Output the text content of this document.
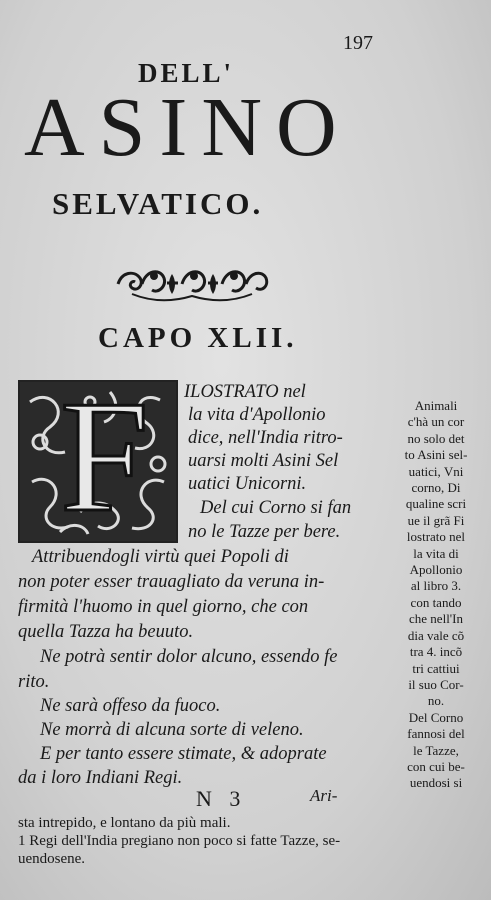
197
DELL'
ASINO
SELVATICO.
CAPO XLII.
F ILOSTRATO nel
la vita d'Apollonio
dice, nell'India ritro-
uarsi molti Asini Sel
uatici Unicorni.
Del cui Corno si fan
no le Tazze per bere.
Attribuendogli virtù quei Popoli di
non poter esser trauagliato da veruna in-
firmità l'huomo in quel giorno, che con
quella Tazza ha beuuto.
Ne potrà sentir dolor alcuno, essendo fe
rito.
Ne sarà offeso da fuoco.
Ne morrà di alcuna sorte di veleno.
E per tanto essere stimate, & adoprate
da i loro Indiani Regi.
Animali
c'hà un cor
no solo det
to Asini sel-
uatici, Vni
corno, Di
qualine scri
ue il grã Fi
lostrato nel
la vita di
Apollonio
al libro 3.
con tando
che nell'In
dia vale cõ
tra 4. incõ
tri cattiui
il suo Cor-
no.
Del Corno
fannosi del
le Tazze,
con cui be-
uendosi si
N 3	Ari-
sta intrepido, e lontano da più mali.
1 Regi dell'India pregiano non poco si fatte Tazze, se-
uendosene.
